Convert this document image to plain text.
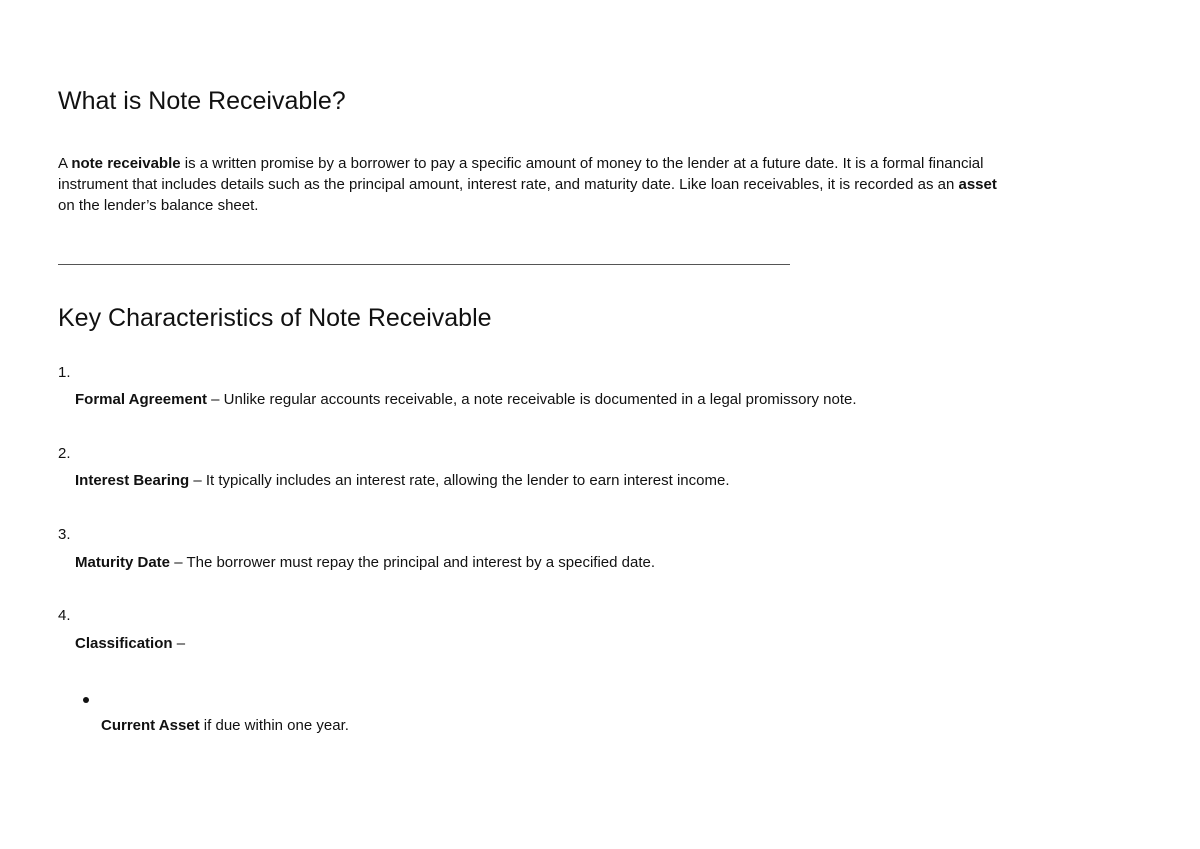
What is Note Receivable?
A note receivable is a written promise by a borrower to pay a specific amount of money to the lender at a future date. It is a formal financial
instrument that includes details such as the principal amount, interest rate, and maturity date. Like loan receivables, it is recorded as an asset
on the lender’s balance sheet.
Key Characteristics of Note Receivable
1.
Formal Agreement – Unlike regular accounts receivable, a note receivable is documented in a legal promissory note.
2.
Interest Bearing – It typically includes an interest rate, allowing the lender to earn interest income.
3.
Maturity Date – The borrower must repay the principal and interest by a specified date.
4.
Classification –
Current Asset if due within one year.
